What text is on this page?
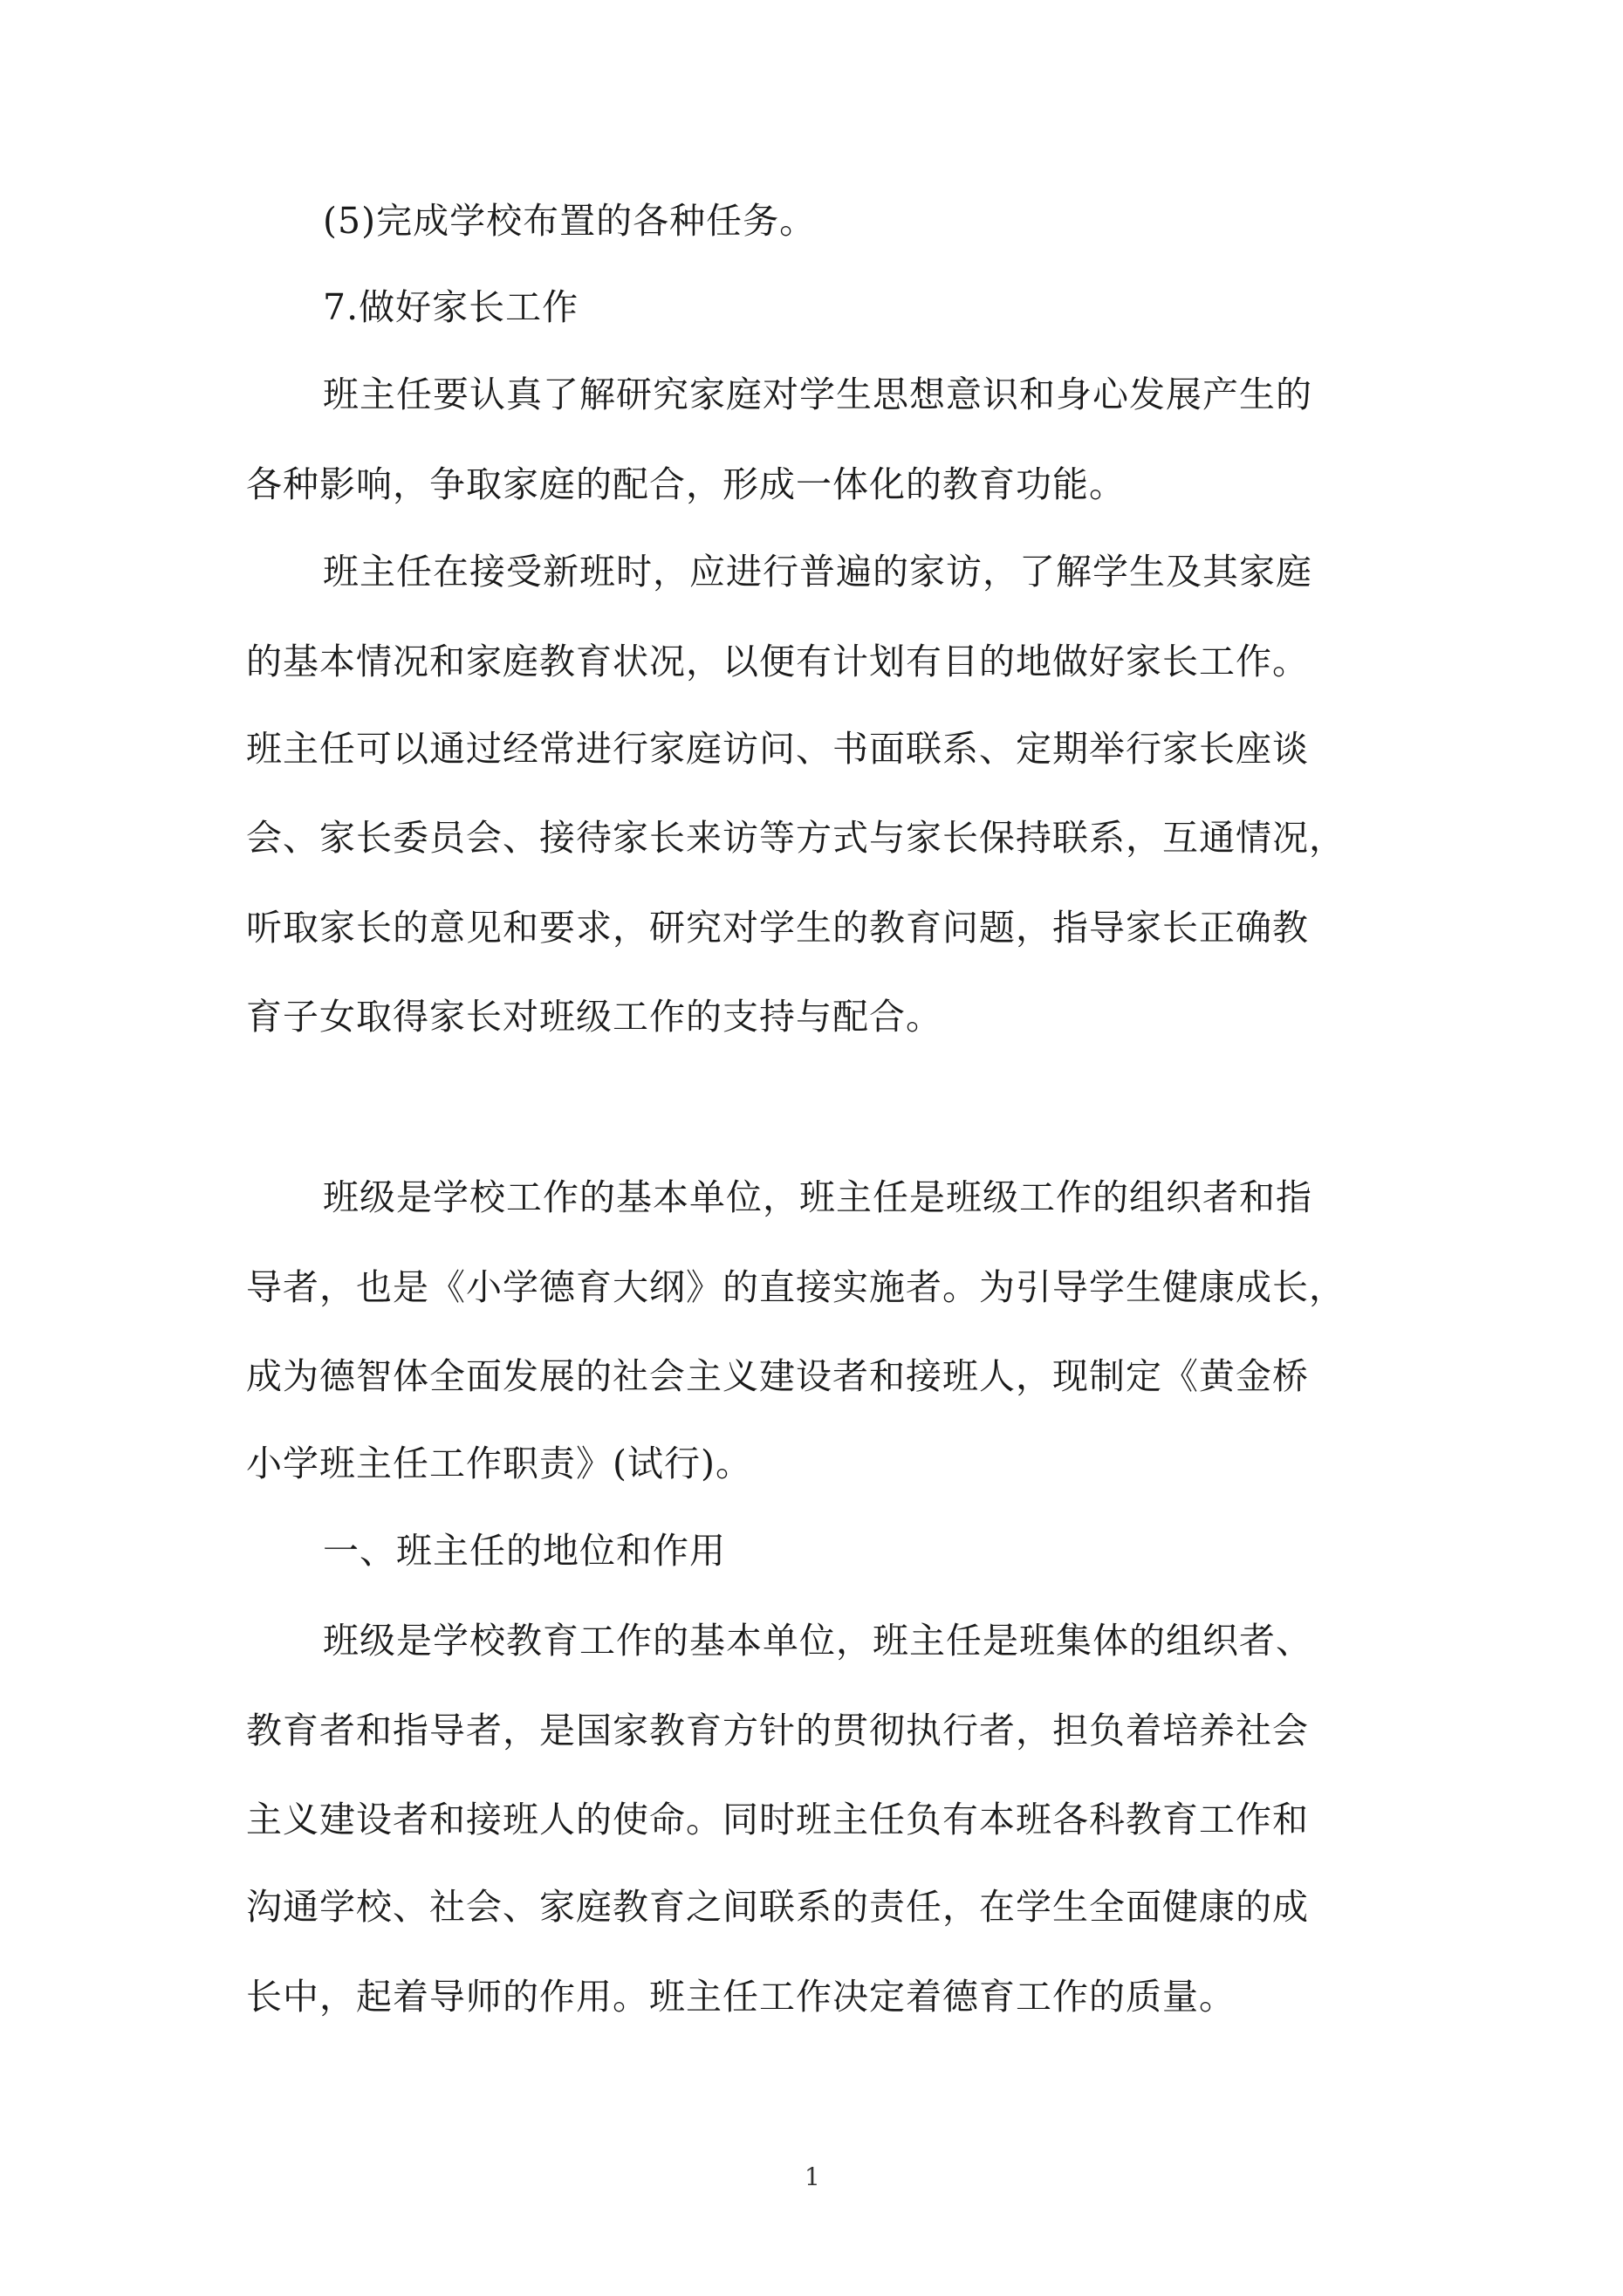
(5)完成学校布置的各种任务。
7.做好家长工作
班主任要认真了解研究家庭对学生思想意识和身心发展产生的
各种影响，争取家庭的配合，形成一体化的教育功能。
班主任在接受新班时，应进行普遍的家访，了解学生及其家庭
的基本情况和家庭教育状况，以便有计划有目的地做好家长工作。
班主任可以通过经常进行家庭访问、书面联系、定期举行家长座谈
会、家长委员会、接待家长来访等方式与家长保持联系，互通情况，
听取家长的意见和要求，研究对学生的教育问题，指导家长正确教
育子女取得家长对班级工作的支持与配合。
班级是学校工作的基本单位，班主任是班级工作的组织者和指
导者，也是《小学德育大纲》的直接实施者。为引导学生健康成长，
成为德智体全面发展的社会主义建设者和接班人，现制定《黄金桥
小学班主任工作职责》(试行)。
一、班主任的地位和作用
班级是学校教育工作的基本单位，班主任是班集体的组织者、
教育者和指导者，是国家教育方针的贯彻执行者，担负着培养社会
主义建设者和接班人的使命。同时班主任负有本班各科教育工作和
沟通学校、社会、家庭教育之间联系的责任，在学生全面健康的成
长中，起着导师的作用。班主任工作决定着德育工作的质量。
1
